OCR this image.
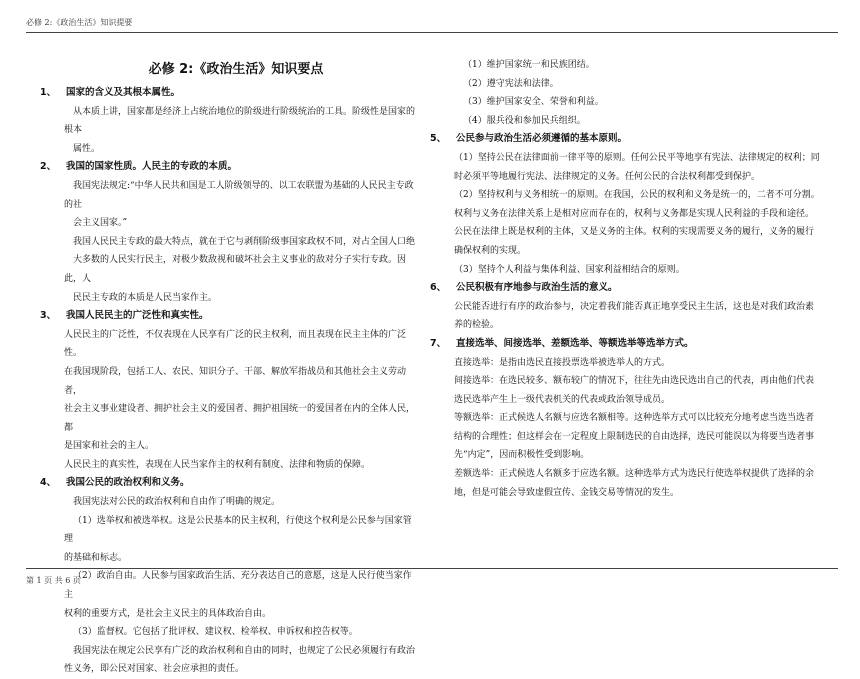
必修 2:《政治生活》知识提要
必修 2:《政治生活》知识要点
1、 国家的含义及其根本属性。
从本质上讲，国家都是经济上占统治地位的阶级进行阶级统治的工具。阶级性是国家的根本
属性。
2、 我国的国家性质。人民主的专政的本质。
我国宪法规定:“中华人民共和国是工人阶级领导的、以工农联盟为基础的人民民主专政的社
会主义国家。”
我国人民民主专政的最大特点，就在于它与剥削阶级事国家政权不同，对占全国人口绝
大多数的人民实行民主，对极少数敌视和破坏社会主义事业的敌对分子实行专政。因此，人
民民主专政的本质是人民当家作主。
3、 我国人民民主的广泛性和真实性。
人民民主的广泛性，不仅表现在人民享有广泛的民主权利，而且表现在民主主体的广泛性。
在我国现阶段，包括工人、农民、知识分子、干部、解放军指战员和其他社会主义劳动者，
社会主义事业建设者、拥护社会主义的爱国者、拥护祖国统一的爱国者在内的全体人民，都
是国家和社会的主人。
人民民主的真实性，表现在人民当家作主的权利有制度、法律和物质的保障。
4、 我国公民的政治权利和义务。
我国宪法对公民的政治权利和自由作了明确的规定。
（1）选举权和被选举权。这是公民基本的民主权利，行使这个权利是公民参与国家管理
的基础和标志。
（2）政治自由。人民参与国家政治生活、充分表达自己的意愿，这是人民行使当家作主
权利的重要方式，是社会主义民主的具体政治自由。
（3）监督权。它包括了批评权、建议权、检举权、申诉权和控告权等。
我国宪法在规定公民享有广泛的政治权利和自由的同时，也规定了公民必须履行有政治
性义务，即公民对国家、社会应承担的责任。
（1）维护国家统一和民族团结。
（2）遵守宪法和法律。
（3）维护国家安全、荣誉和利益。
（4）服兵役和参加民兵组织。
5、 公民参与政治生活必须遵循的基本原则。
（1）坚持公民在法律面前一律平等的原则。任何公民平等地享有宪法、法律规定的权利；同
时必须平等地履行宪法、法律规定的义务。任何公民的合法权利都受到保护。
（2）坚持权利与义务相统一的原则。在我国，公民的权利和义务是统一的，二者不可分割。
权利与义务在法律关系上是相对应而存在的，权利与义务都是实现人民利益的手段和途径。
公民在法律上既是权利的主体，又是义务的主体。权利的实现需要义务的履行，义务的履行
确保权利的实现。
（3）坚持个人利益与集体利益、国家利益相结合的原则。
6、 公民积极有序地参与政治生活的意义。
公民能否进行有序的政治参与，决定着我们能否真正地享受民主生活，这也是对我们政治素
养的检验。
7、 直接选举、间接选举、差额选举、等额选举等选举方式。
直接选举：是指由选民直接投票选举被选举人的方式。
间接选举：在选民较多、额布较广的情况下，往往先由选民选出自己的代表，再由他们代表
选民选举产生上一级代表机关的代表或政治领导成员。
等额选举：正式候选人名额与应选名额相等。这种选举方式可以比较充分地考虑当选当选者
结构的合理性；但这样会在一定程度上限制选民的自由选择，选民可能误以为将要当选者事
先“内定”，因而积极性受到影响。
差额选举：正式候选人名额多于应选名额。这种选举方式为选民行使选举权提供了选择的余
地，但是可能会导致虚假宣传、金钱交易等情况的发生。
第 1 页 共 6 页
